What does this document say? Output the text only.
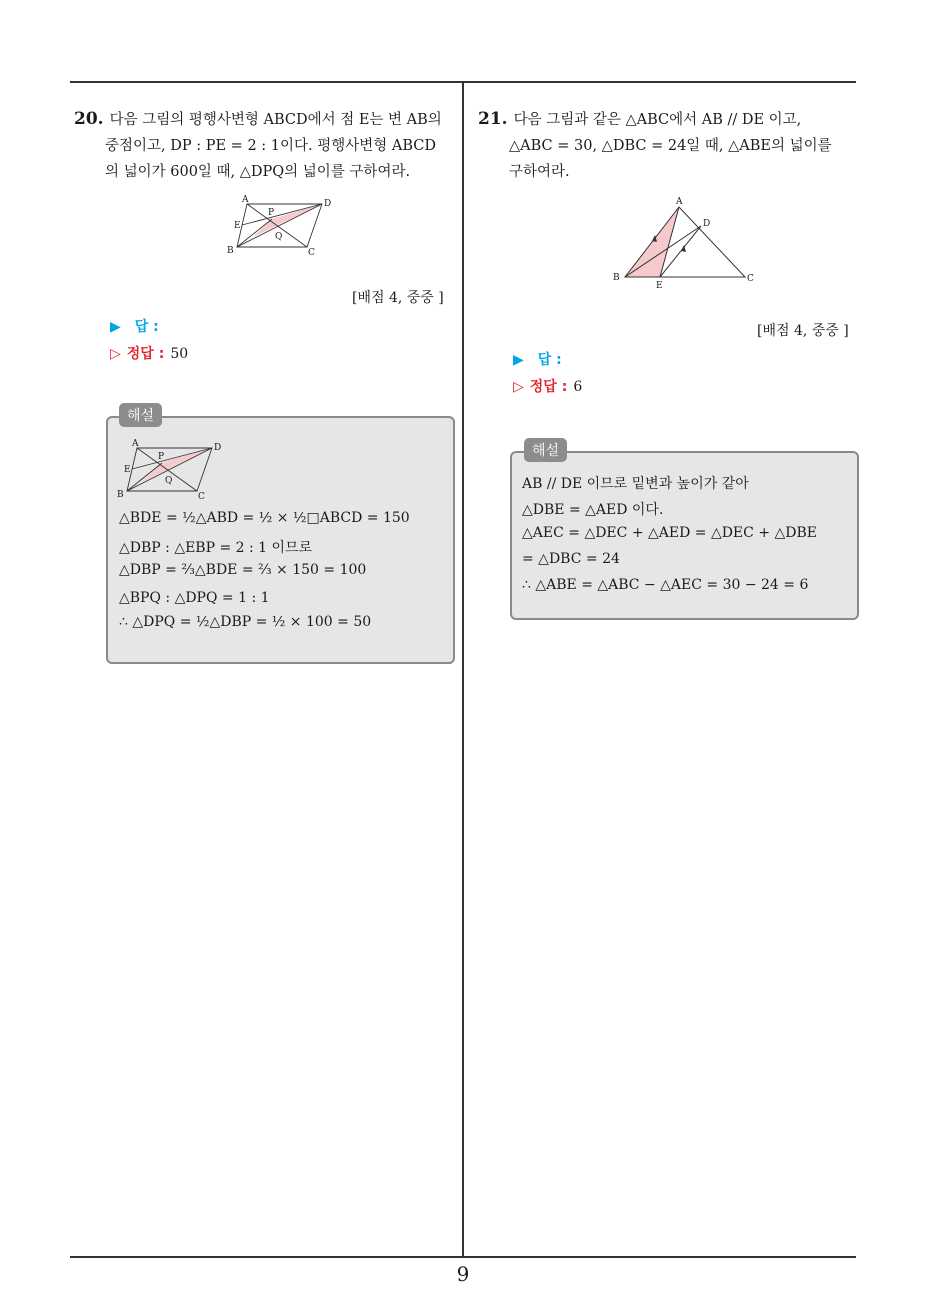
20. 다음 그림의 평행사변형 ABCD에서 점 E는 변 AB의
중점이고, DP : PE = 2 : 1이다. 평행사변형 ABCD
의 넓이가 600일 때, △DPQ의 넓이를 구하여라.
A	D
E
B	C
P
Q
[배점 4, 중중 ]
▶ 답 :
▷ 정답 : 50
해설
A	D
E
B	C
P
Q
△BDE = ½△ABD = ½ × ½□ABCD = 150
△DBP : △EBP = 2 : 1 이므로
△DBP = ⅔△BDE = ⅔ × 150 = 100
△BPQ : △DPQ = 1 : 1
∴ △DPQ = ½△DBP = ½ × 100 = 50
21. 다음 그림과 같은 △ABC에서 AB // DE 이고,
△ABC = 30, △DBC = 24일 때, △ABE의 넓이를
구하여라.
A
D
B	C
E
[배점 4, 중중 ]
▶ 답 :
▷ 정답 : 6
해설
AB // DE 이므로 밑변과 높이가 같아
△DBE = △AED 이다.
△AEC = △DEC + △AED = △DEC + △DBE
= △DBC = 24
∴ △ABE = △ABC − △AEC = 30 − 24 = 6
9
